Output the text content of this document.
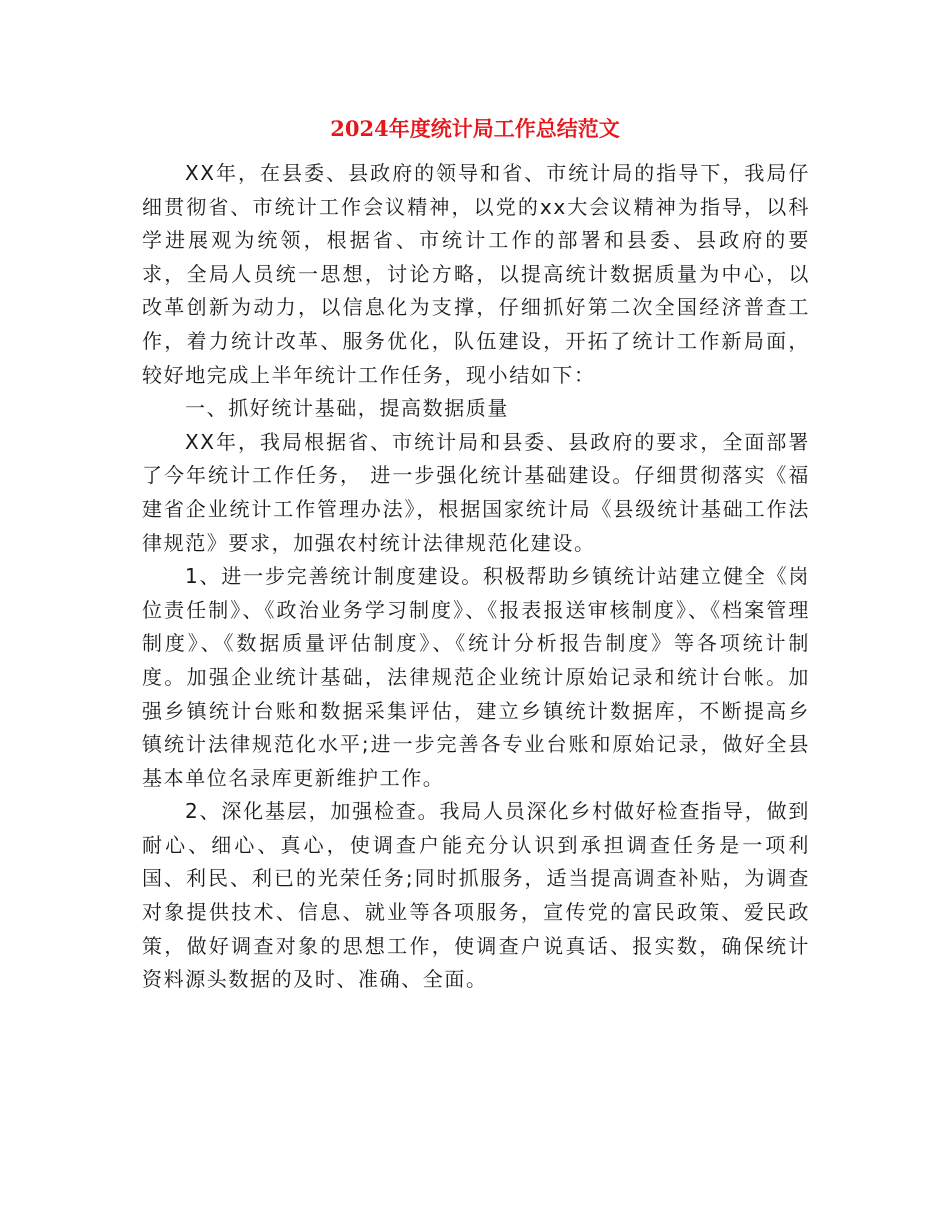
2024年度统计局工作总结范文

XX年，在县委、县政府的领导和省、市统计局的指导下，我局仔细贯彻省、市统计工作会议精神，以党的xx大会议精神为指导，以科学进展观为统领，根据省、市统计工作的部署和县委、县政府的要求，全局人员统一思想，讨论方略，以提高统计数据质量为中心，以改革创新为动力，以信息化为支撑，仔细抓好第二次全国经济普查工作，着力统计改革、服务优化，队伍建设，开拓了统计工作新局面，较好地完成上半年统计工作任务，现小结如下：

一、抓好统计基础，提高数据质量

XX年，我局根据省、市统计局和县委、县政府的要求，全面部署了今年统计工作任务， 进一步强化统计基础建设。仔细贯彻落实《福建省企业统计工作管理办法》，根据国家统计局《县级统计基础工作法律规范》要求，加强农村统计法律规范化建设。

1、进一步完善统计制度建设。积极帮助乡镇统计站建立健全《岗位责任制》、《政治业务学习制度》、《报表报送审核制度》、《档案管理制度》、《数据质量评估制度》、《统计分析报告制度》等各项统计制度。加强企业统计基础，法律规范企业统计原始记录和统计台帐。加强乡镇统计台账和数据采集评估，建立乡镇统计数据库，不断提高乡镇统计法律规范化水平;进一步完善各专业台账和原始记录，做好全县基本单位名录库更新维护工作。

2、深化基层，加强检查。我局人员深化乡村做好检查指导，做到耐心、细心、真心，使调查户能充分认识到承担调查任务是一项利国、利民、利已的光荣任务;同时抓服务，适当提高调查补贴，为调查对象提供技术、信息、就业等各项服务，宣传党的富民政策、爱民政策，做好调查对象的思想工作，使调查户说真话、报实数，确保统计资料源头数据的及时、准确、全面。
